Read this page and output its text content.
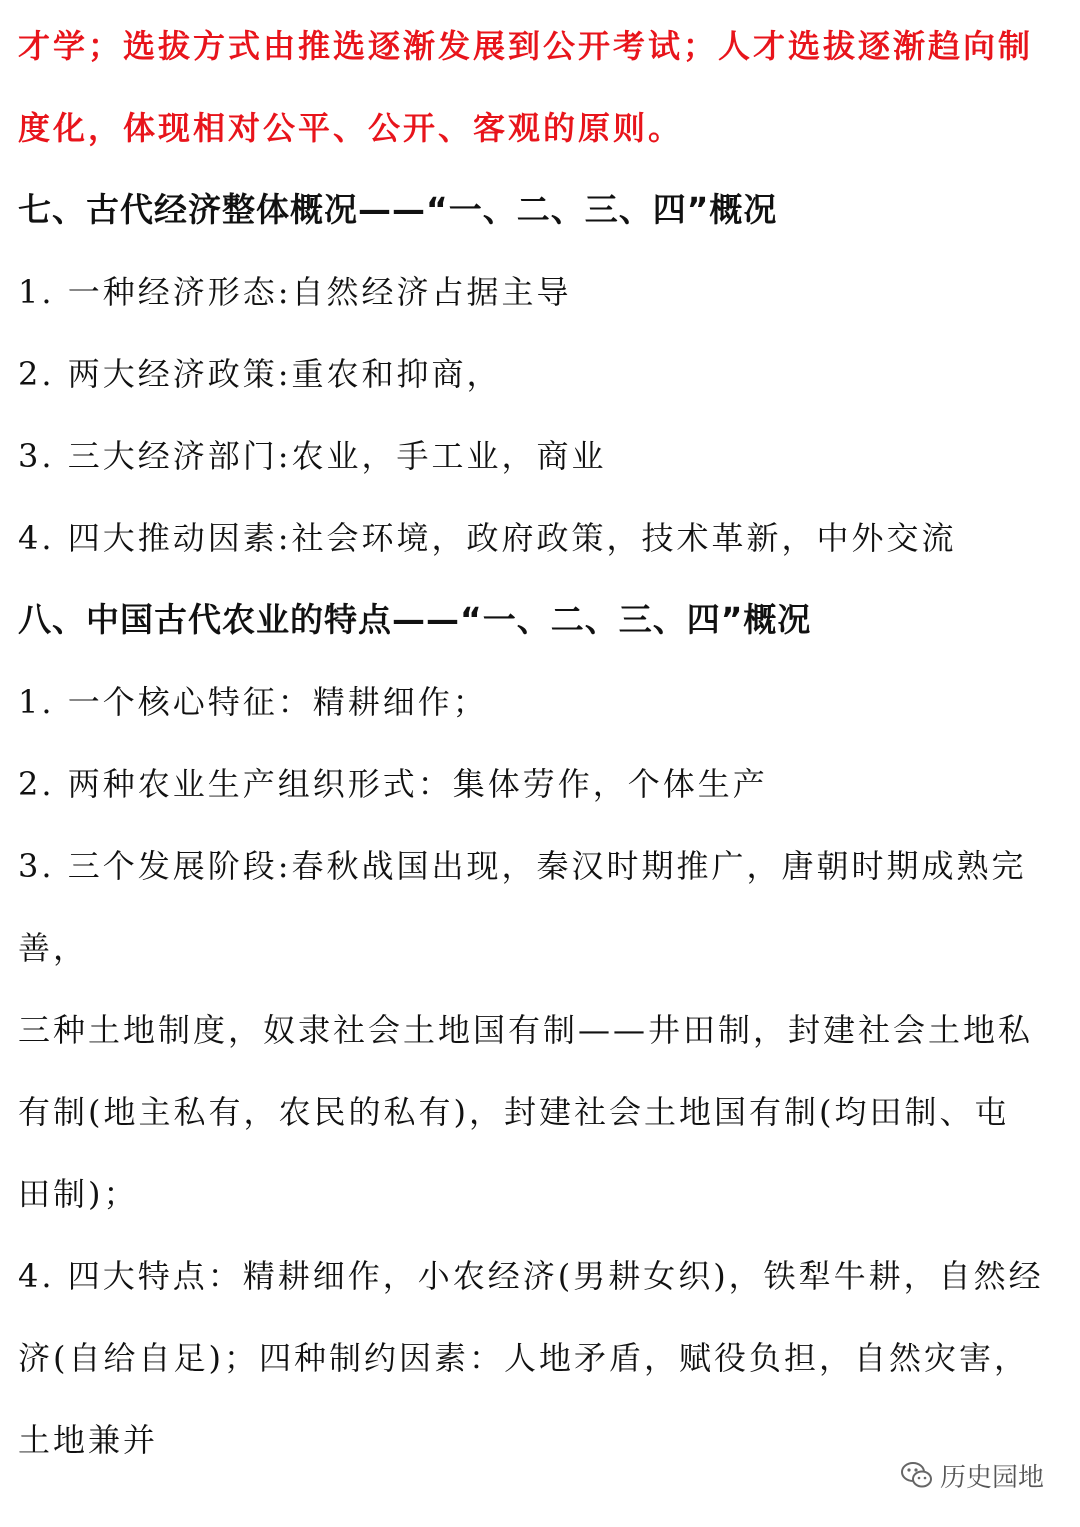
才学；选拔方式由推选逐渐发展到公开考试；人才选拔逐渐趋向制
度化，体现相对公平、公开、客观的原则。
七、古代经济整体概况——“一、二、三、四”概况
1. 一种经济形态:自然经济占据主导
2. 两大经济政策:重农和抑商，
3. 三大经济部门:农业，手工业，商业
4. 四大推动因素:社会环境，政府政策，技术革新，中外交流
八、中国古代农业的特点——“一、二、三、四”概况
1. 一个核心特征：精耕细作；
2. 两种农业生产组织形式：集体劳作，个体生产
3. 三个发展阶段:春秋战国出现，秦汉时期推广，唐朝时期成熟完
善，
三种土地制度，奴隶社会土地国有制——井田制，封建社会土地私
有制(地主私有，农民的私有)，封建社会土地国有制(均田制、屯
田制)；
4. 四大特点：精耕细作，小农经济(男耕女织)，铁犁牛耕，自然经
济(自给自足)；四种制约因素：人地矛盾，赋役负担，自然灾害，
土地兼并
历史园地
